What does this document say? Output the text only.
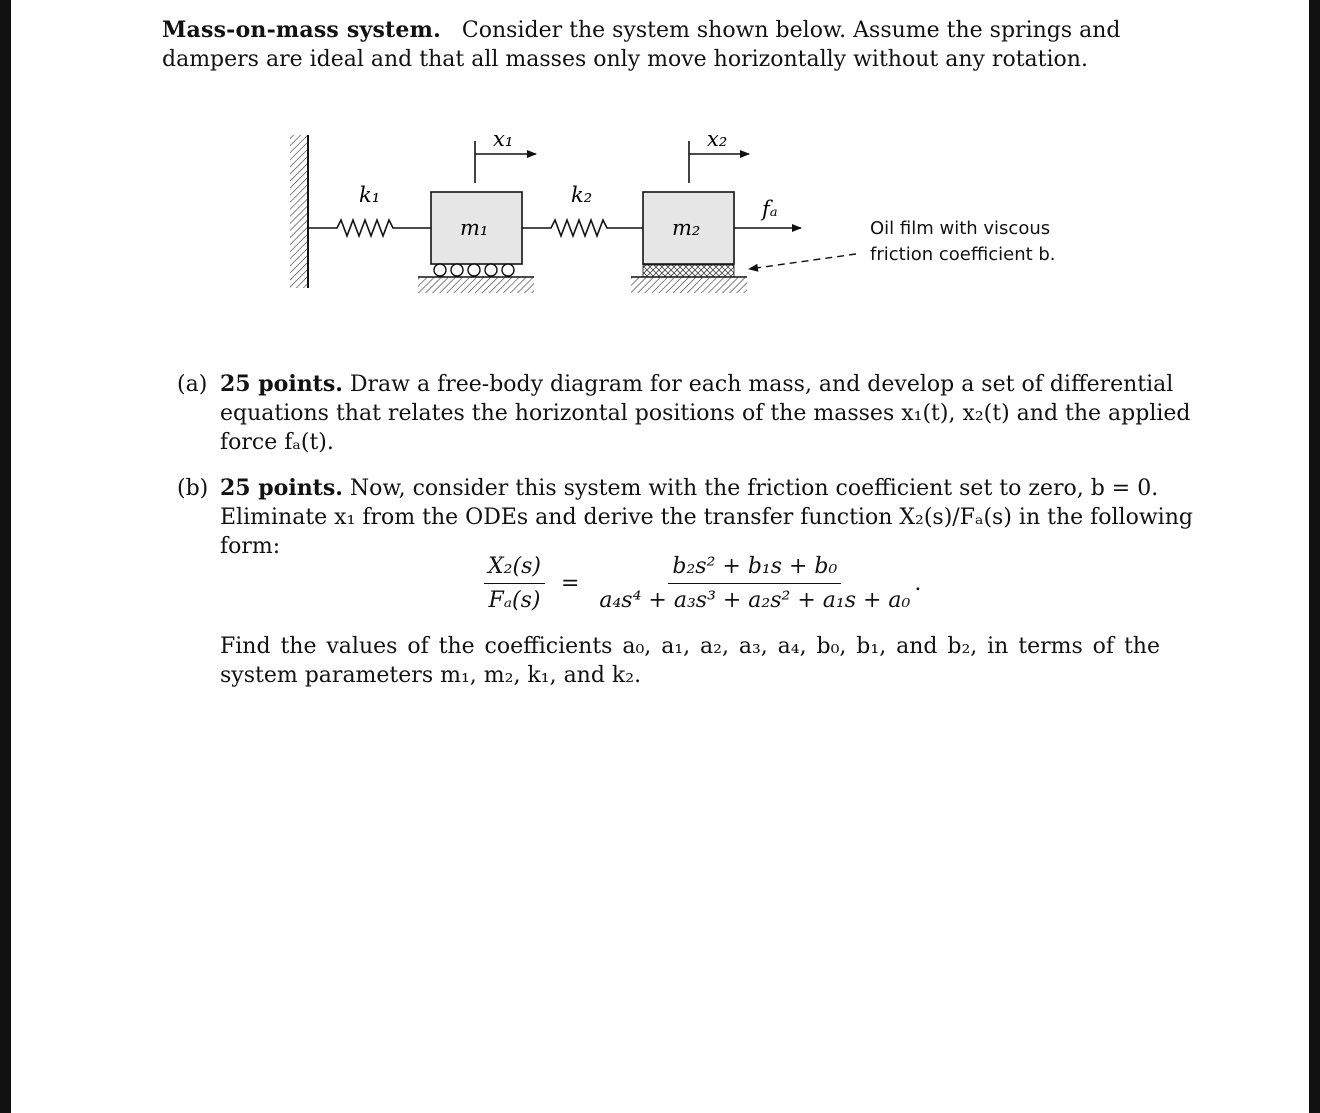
Mass-on-mass system. Consider the system shown below. Assume the springs and dampers are ideal and that all masses only move horizontally without any rotation.

k₁
m₁
x₁
k₂
m₂
x₂
fₐ

Oil film with viscous friction coefficient b.

(a) 25 points. Draw a free-body diagram for each mass, and develop a set of differential equations that relates the horizontal positions of the masses x₁(t), x₂(t) and the applied force fₐ(t).

(b) 25 points. Now, consider this system with the friction coefficient set to zero, b = 0. Eliminate x₁ from the ODEs and derive the transfer function X₂(s)/Fₐ(s) in the following form:

$\frac{\text{X₂(s)}}{\text{Fₐ(s)}} = \frac{\text{b₂s² + b₁s + b₀}}{\text{a₄s⁴ + a₃s³ + a₂s² + a₁s + a₀}}$ .

Find the values of the coefficients a₀, a₁, a₂, a₃, a₄, b₀, b₁, and b₂, in terms of the system parameters m₁, m₂, k₁, and k₂.
